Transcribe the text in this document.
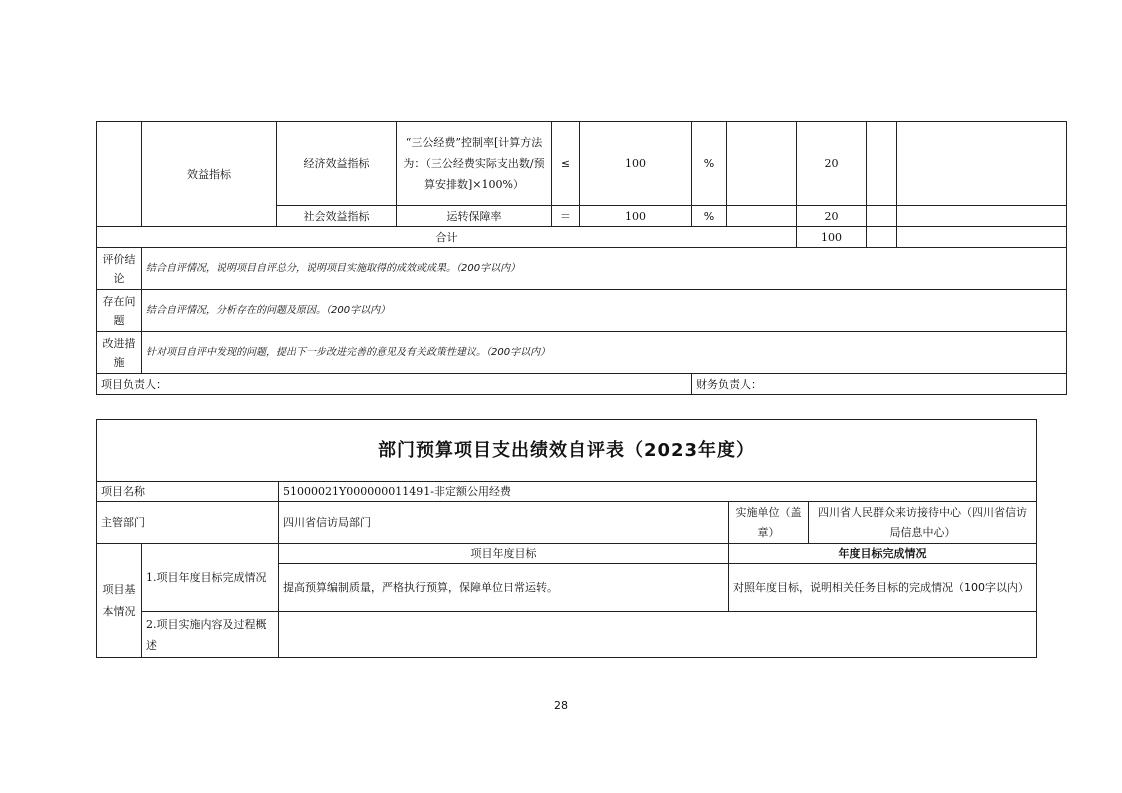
	效益指标	经济效益指标	“三公经费”控制率[计算方法为：（三公经费实际支出数/预算安排数]×100%）	≤	100	%		20		
		社会效益指标	运转保障率	＝	100	%		20		
合计								100		
评价结论	结合自评情况，说明项目自评总分，说明项目实施取得的成效或成果。（200字以内）									
存在问题	结合自评情况，分析存在的问题及原因。（200字以内）									
改进措施	针对项目自评中发现的问题，提出下一步改进完善的意见及有关政策性建议。（200字以内）									
项目负责人：						财务负责人：				
部门预算项目支出绩效自评表（2023年度）				
项目名称		51000021Y000000011491-非定额公用经费		
主管部门		四川省信访局部门	实施单位（盖章）	四川省人民群众来访接待中心（四川省信访局信息中心）
项目基本情况	1.项目年度目标完成情况	项目年度目标	年度目标完成情况	
		提高预算编制质量，严格执行预算，保障单位日常运转。	对照年度目标，说明相关任务目标的完成情况（100字以内）	
	2.项目实施内容及过程概述			
28
